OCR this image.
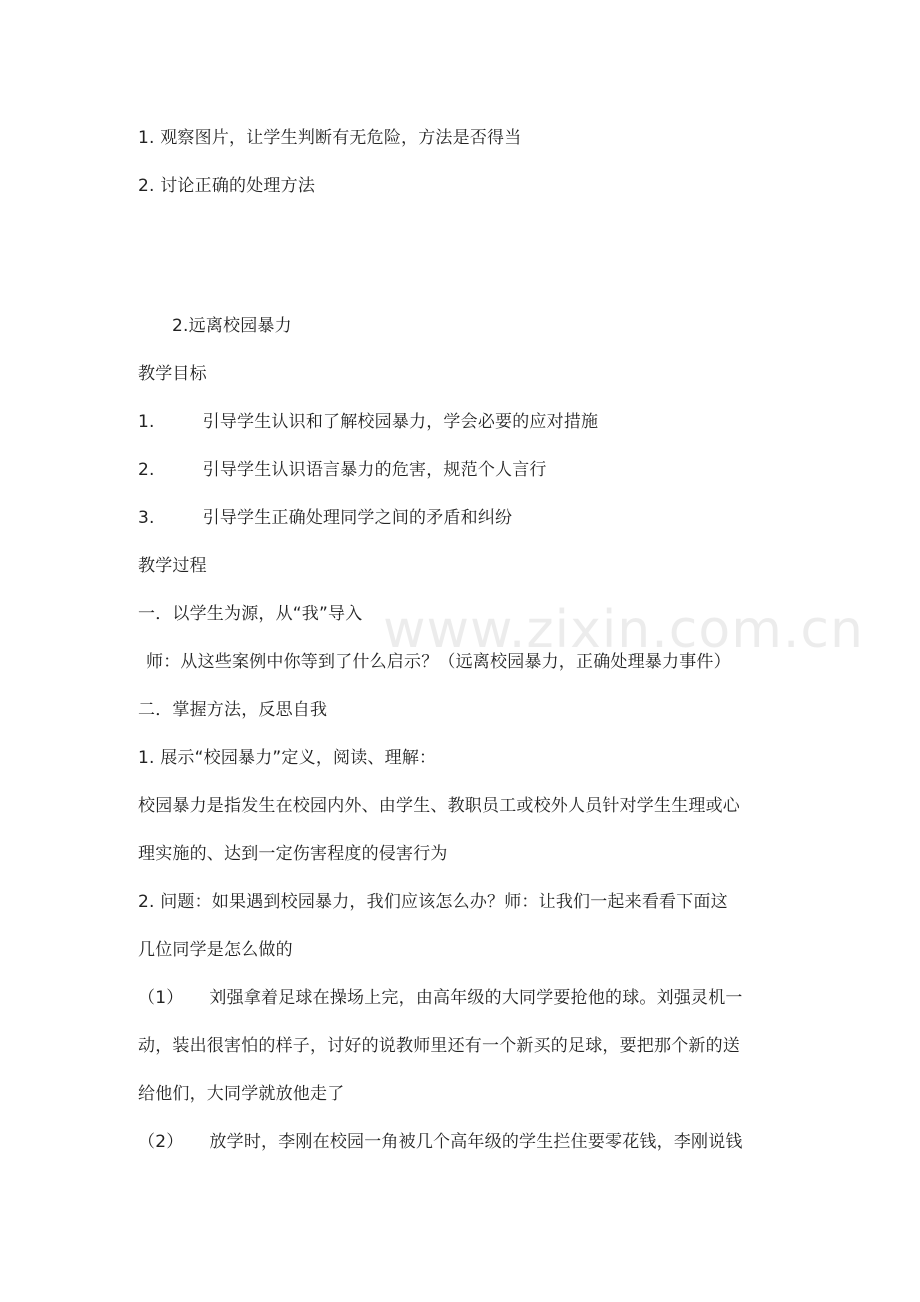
1. 观察图片，让学生判断有无危险，方法是否得当
2. 讨论正确的处理方法
2.远离校园暴力
教学目标
1.	引导学生认识和了解校园暴力，学会必要的应对措施
2.	引导学生认识语言暴力的危害，规范个人言行
3.	引导学生正确处理同学之间的矛盾和纠纷
教学过程
一．以学生为源，从“我”导入
师：从这些案例中你等到了什么启示？（远离校园暴力，正确处理暴力事件）
二．掌握方法，反思自我
1. 展示“校园暴力”定义，阅读、理解：
校园暴力是指发生在校园内外、由学生、教职员工或校外人员针对学生生理或心
理实施的、达到一定伤害程度的侵害行为
2. 问题：如果遇到校园暴力，我们应该怎么办？师：让我们一起来看看下面这
几位同学是怎么做的
（1） 刘强拿着足球在操场上完，由高年级的大同学要抢他的球。刘强灵机一
动，装出很害怕的样子，讨好的说教师里还有一个新买的足球，要把那个新的送
给他们，大同学就放他走了
（2） 放学时，李刚在校园一角被几个高年级的学生拦住要零花钱，李刚说钱
www.zixin.com.cn
